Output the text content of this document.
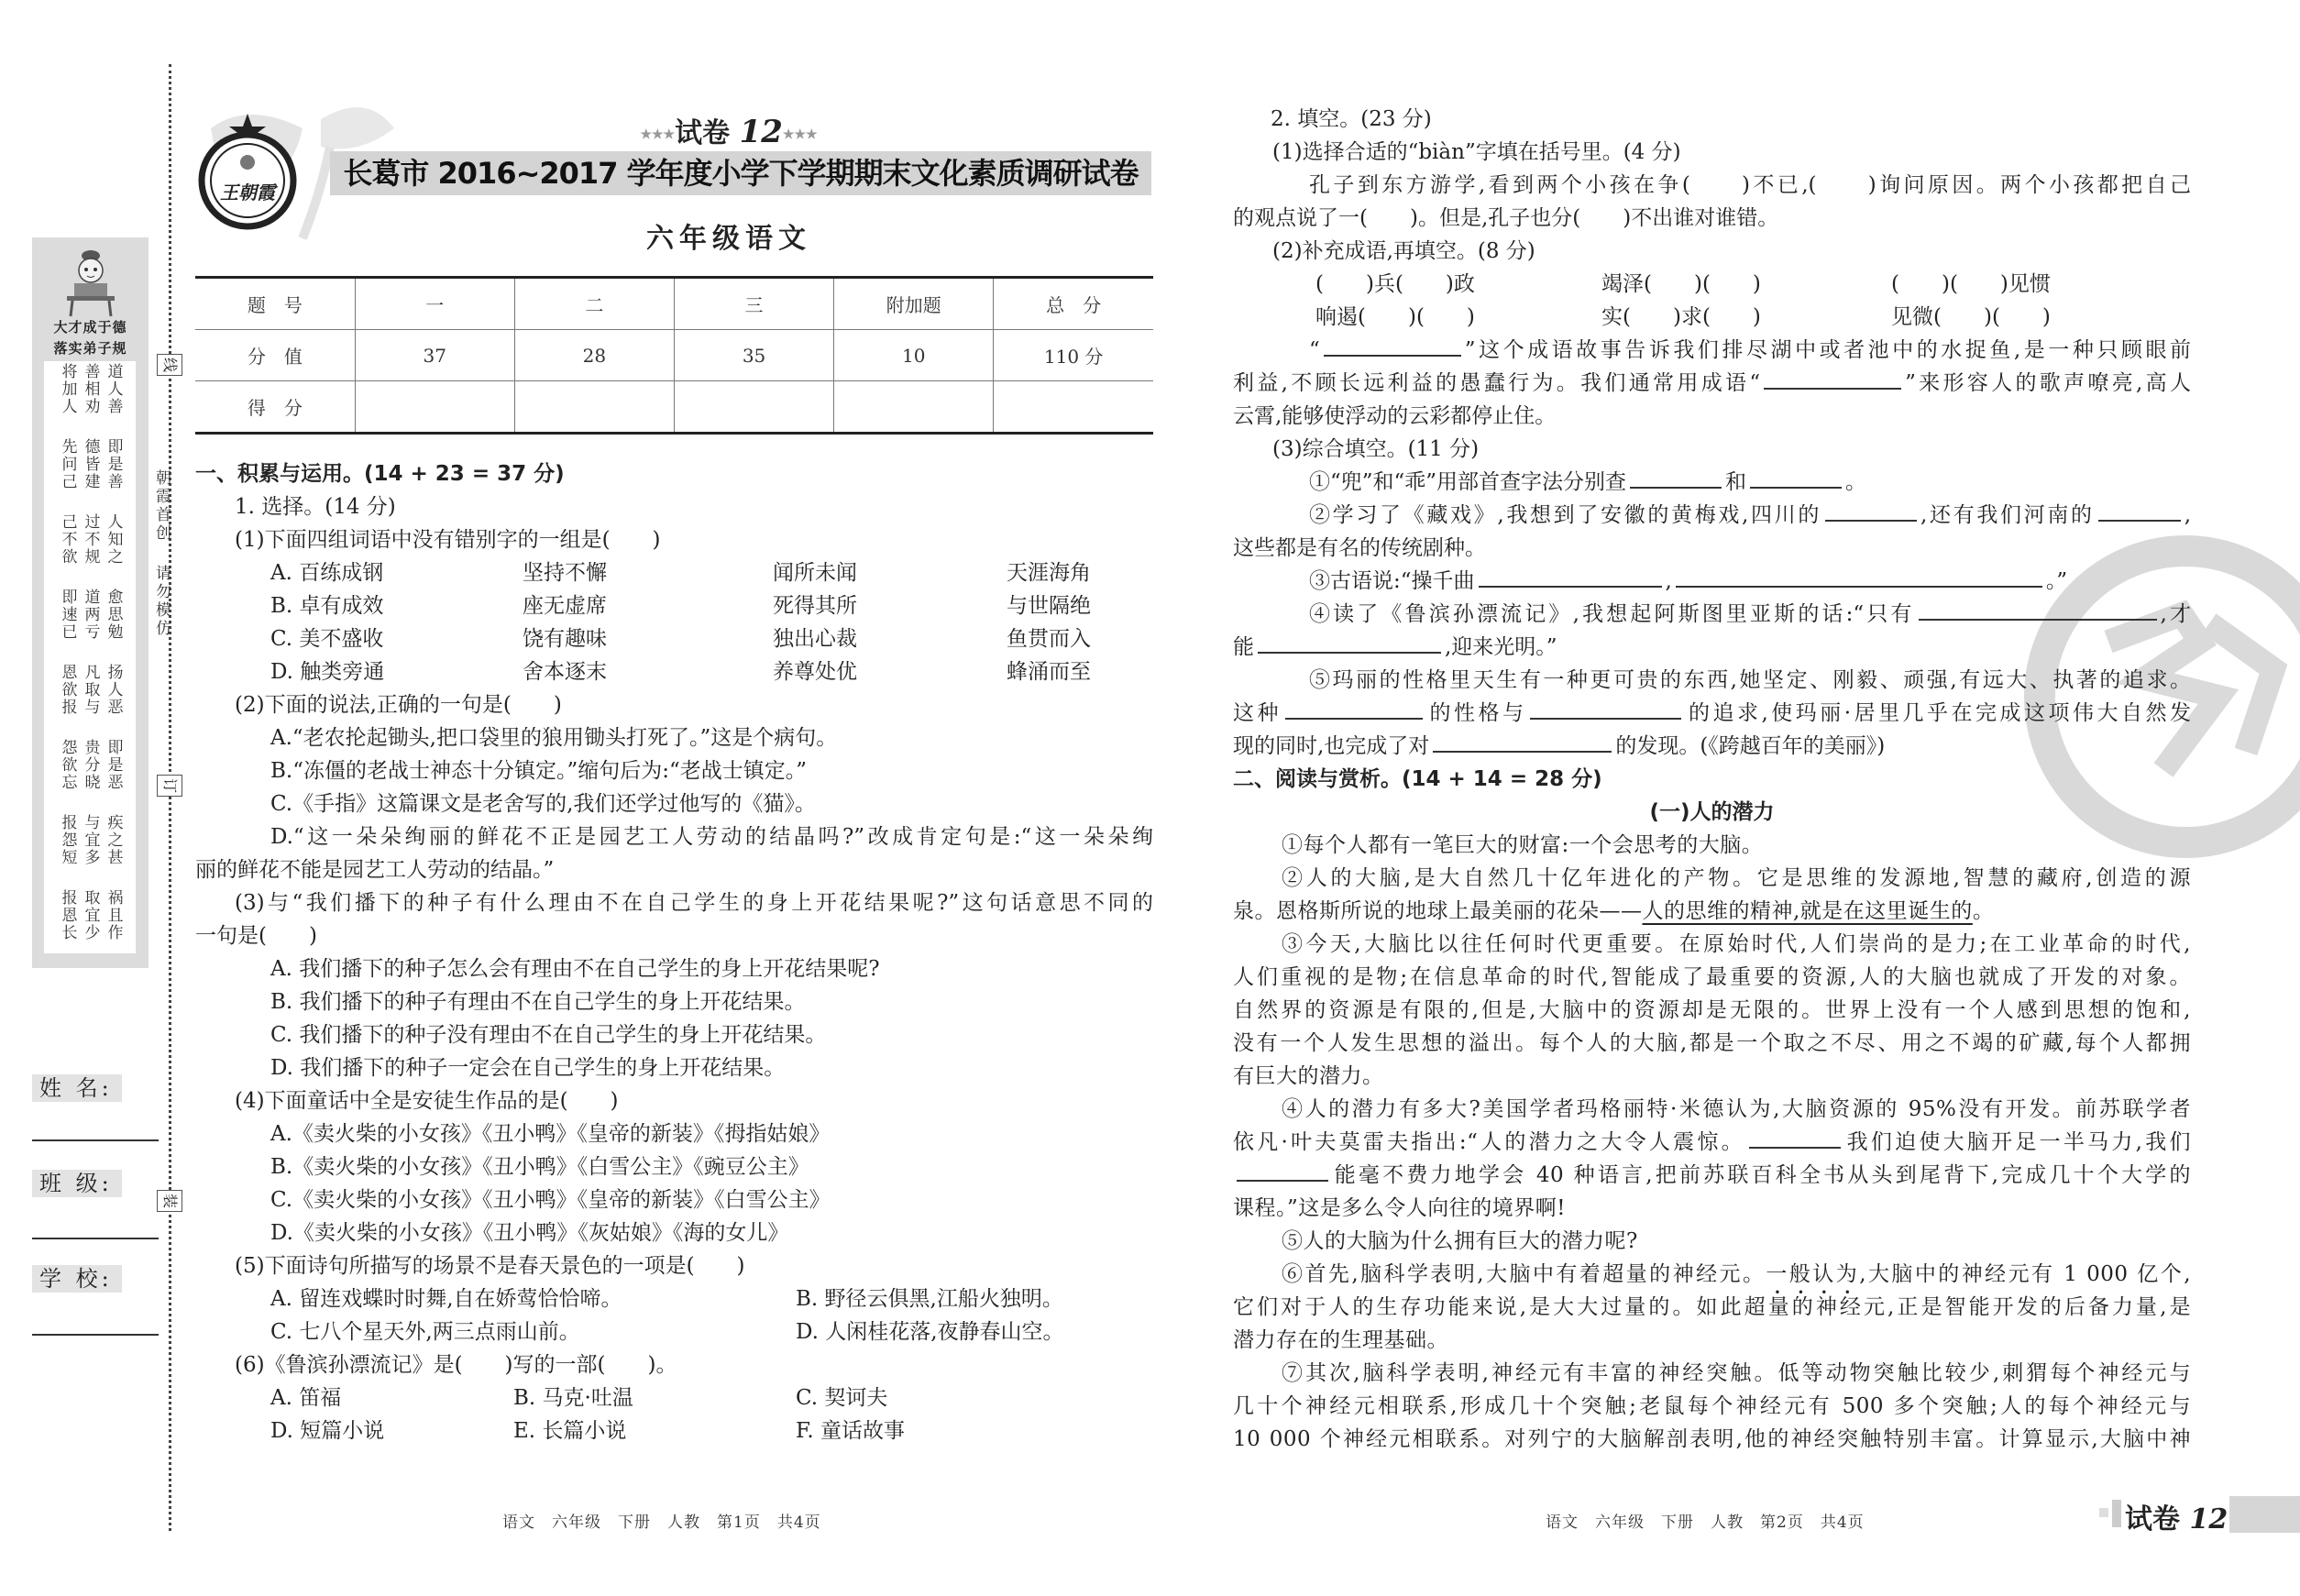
线
订
装
朝霞首创
请勿模仿
大才成于德
落实弟子规
将加人 善相劝 道人善
先问己 德皆建 即是善
己不欲 过不规 人知之
即速已 道两亏 愈思勉
恩欲报 凡取与 扬人恶
怨欲忘 贵分晓 即是恶
报怨短 与宜多 疾之甚
报恩长 取宜少 祸且作
姓 名:
班 级:
学 校:
王朝霞
★★★试卷 12★★★
长葛市 2016~2017 学年度小学下学期期末文化素质调研试卷
六年级语文
题　号	一	二	三	附加题	总　分
分　值	37	28	35	10	110 分
得　分					
一、积累与运用。(14 + 23 = 37 分)
1. 选择。(14 分)
(1)下面四组词语中没有错别字的一组是(　　)
A. 百练成钢	坚持不懈	闻所未闻	天涯海角
B. 卓有成效	座无虚席	死得其所	与世隔绝
C. 美不盛收	饶有趣味	独出心裁	鱼贯而入
D. 触类旁通	舍本逐末	养尊处优	蜂涌而至
(2)下面的说法,正确的一句是(　　)
A.“老农抡起锄头,把口袋里的狼用锄头打死了。”这是个病句。
B.“冻僵的老战士神态十分镇定。”缩句后为:“老战士镇定。”
C.《手指》这篇课文是老舍写的,我们还学过他写的《猫》。
D.“这一朵朵绚丽的鲜花不正是园艺工人劳动的结晶吗?”改成肯定句是:“这一朵朵绚
丽的鲜花不能是园艺工人劳动的结晶。”
(3)与“我们播下的种子有什么理由不在自己学生的身上开花结果呢?”这句话意思不同的
一句是(　　)
A. 我们播下的种子怎么会有理由不在自己学生的身上开花结果呢?
B. 我们播下的种子有理由不在自己学生的身上开花结果。
C. 我们播下的种子没有理由不在自己学生的身上开花结果。
D. 我们播下的种子一定会在自己学生的身上开花结果。
(4)下面童话中全是安徒生作品的是(　　)
A.《卖火柴的小女孩》《丑小鸭》《皇帝的新装》《拇指姑娘》
B.《卖火柴的小女孩》《丑小鸭》《白雪公主》《豌豆公主》
C.《卖火柴的小女孩》《丑小鸭》《皇帝的新装》《白雪公主》
D.《卖火柴的小女孩》《丑小鸭》《灰姑娘》《海的女儿》
(5)下面诗句所描写的场景不是春天景色的一项是(　　)
A. 留连戏蝶时时舞,自在娇莺恰恰啼。	B. 野径云俱黑,江船火独明。
C. 七八个星天外,两三点雨山前。	D. 人闲桂花落,夜静春山空。
(6)《鲁滨孙漂流记》是(　　)写的一部(　　)。
A. 笛福	B. 马克·吐温	C. 契诃夫
D. 短篇小说	E. 长篇小说	F. 童话故事
2. 填空。(23 分)
(1)选择合适的“biàn”字填在括号里。(4 分)
孔子到东方游学,看到两个小孩在争(　　)不已,(　　)询问原因。两个小孩都把自己
的观点说了一(　　)。但是,孔子也分(　　)不出谁对谁错。
(2)补充成语,再填空。(8 分)
(　　)兵(　　)政	竭泽(　　)(　　)	(　　)(　　)见惯
响遏(　　)(　　)	实(　　)求(　　)	见微(　　)(　　)
“	”这个成语故事告诉我们排尽湖中或者池中的水捉鱼,是一种只顾眼前
利益,不顾长远利益的愚蠢行为。我们通常用成语“	”来形容人的歌声嘹亮,高人
云霄,能够使浮动的云彩都停止住。
(3)综合填空。(11 分)
①“兜”和“乖”用部首查字法分别查	和	。
②学习了《藏戏》,我想到了安徽的黄梅戏,四川的	,还有我们河南的	,
这些都是有名的传统剧种。
③古语说:“操千曲	,	。”
④读了《鲁滨孙漂流记》,我想起阿斯图里亚斯的话:“只有	,才
能	,迎来光明。”
⑤玛丽的性格里天生有一种更可贵的东西,她坚定、刚毅、顽强,有远大、执著的追求。
这种	的性格与	的追求,使玛丽·居里几乎在完成这项伟大自然发
现的同时,也完成了对	的发现。(《跨越百年的美丽》)
二、阅读与赏析。(14 + 14 = 28 分)
(一)人的潜力
①每个人都有一笔巨大的财富:一个会思考的大脑。
②人的大脑,是大自然几十亿年进化的产物。它是思维的发源地,智慧的藏府,创造的源
泉。恩格斯所说的地球上最美丽的花朵——人的思维的精神,就是在这里诞生的。
③今天,大脑比以往任何时代更重要。在原始时代,人们崇尚的是力;在工业革命的时代,
人们重视的是物;在信息革命的时代,智能成了最重要的资源,人的大脑也就成了开发的对象。
自然界的资源是有限的,但是,大脑中的资源却是无限的。世界上没有一个人感到思想的饱和,
没有一个人发生思想的溢出。每个人的大脑,都是一个取之不尽、用之不竭的矿藏,每个人都拥
有巨大的潜力。
④人的潜力有多大?美国学者玛格丽特·米德认为,大脑资源的 95%没有开发。前苏联学者
依凡·叶夫莫雷夫指出:“人的潜力之大令人震惊。	我们迫使大脑开足一半马力,我们
能毫不费力地学会 40 种语言,把前苏联百科全书从头到尾背下,完成几十个大学的
课程。”这是多么令人向往的境界啊!
⑤人的大脑为什么拥有巨大的潜力呢?
⑥首先,脑科学表明,大脑中有着超量的神经元。一般认为,大脑中的神经元有 1 000 亿个,
它们对于人的生存功能来说,是大大过量的。如此超量的神经元,正是智能开发的后备力量,是
潜力存在的生理基础。
⑦其次,脑科学表明,神经元有丰富的神经突触。低等动物突触比较少,刺猬每个神经元与
几十个神经元相联系,形成几十个突触;老鼠每个神经元有 500 多个突触;人的每个神经元与
10 000 个神经元相联系。对列宁的大脑解剖表明,他的神经突触特别丰富。计算显示,大脑中神
语文　六年级　下册　人教　第1页　共4页	语文　六年级　下册　人教　第2页　共4页	试卷 12
